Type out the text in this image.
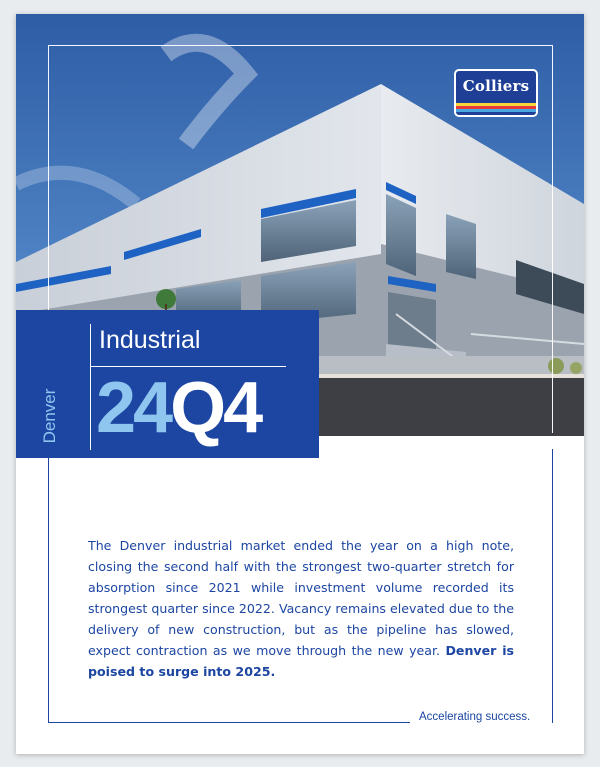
Colliers
Denver
Industrial
24Q4
Accelerating success.

The Denver industrial market ended the year on a high note, closing the second half with the strongest two-quarter stretch for absorption since 2021 while investment volume recorded its strongest quarter since 2022. Vacancy remains elevated due to the delivery of new construction, but as the pipeline has slowed, expect contraction as we move through the new year. Denver is poised to surge into 2025.
